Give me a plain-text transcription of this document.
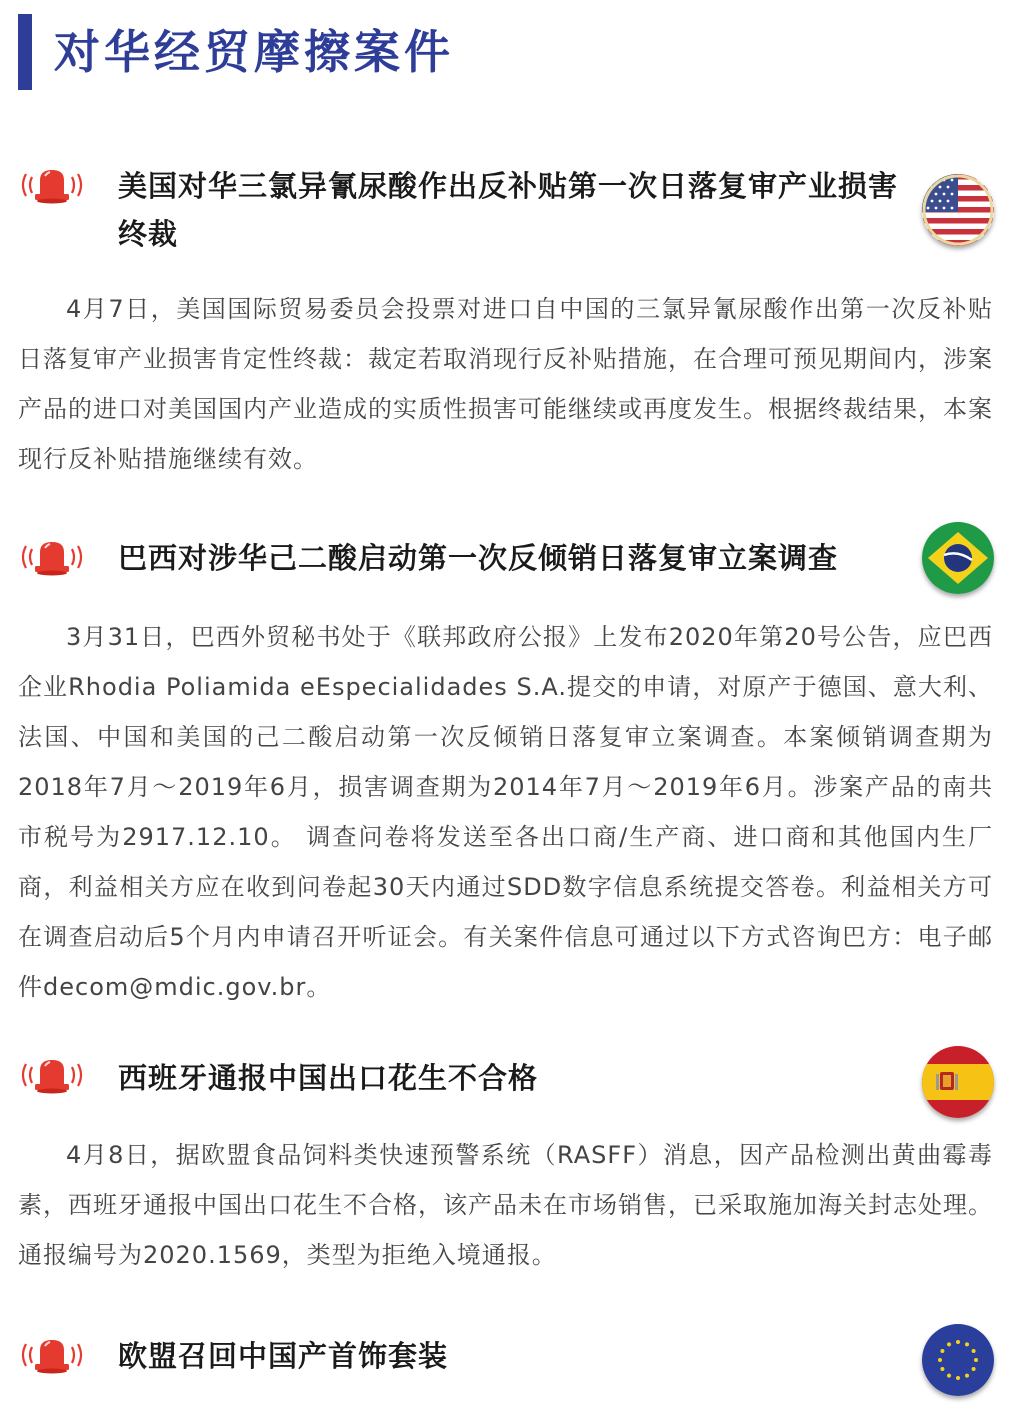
对华经贸摩擦案件
美国对华三氯异氰尿酸作出反补贴第一次日落复审产业损害终裁
4月7日，美国国际贸易委员会投票对进口自中国的三氯异氰尿酸作出第一次反补贴日落复审产业损害肯定性终裁：裁定若取消现行反补贴措施，在合理可预见期间内，涉案产品的进口对美国国内产业造成的实质性损害可能继续或再度发生。根据终裁结果，本案现行反补贴措施继续有效。
巴西对涉华己二酸启动第一次反倾销日落复审立案调查
3月31日，巴西外贸秘书处于《联邦政府公报》上发布2020年第20号公告，应巴西企业Rhodia Poliamida eEspecialidades S.A.提交的申请，对原产于德国、意大利、法国、中国和美国的己二酸启动第一次反倾销日落复审立案调查。本案倾销调查期为2018年7月～2019年6月，损害调查期为2014年7月～2019年6月。涉案产品的南共市税号为2917.12.10。 调查问卷将发送至各出口商/生产商、进口商和其他国内生厂商，利益相关方应在收到问卷起30天内通过SDD数字信息系统提交答卷。利益相关方可在调查启动后5个月内申请召开听证会。有关案件信息可通过以下方式咨询巴方：电子邮件decom@mdic.gov.br。
西班牙通报中国出口花生不合格
4月8日，据欧盟食品饲料类快速预警系统（RASFF）消息，因产品检测出黄曲霉毒素，西班牙通报中国出口花生不合格，该产品未在市场销售，已采取施加海关封志处理。通报编号为2020.1569，类型为拒绝入境通报。
欧盟召回中国产首饰套装
